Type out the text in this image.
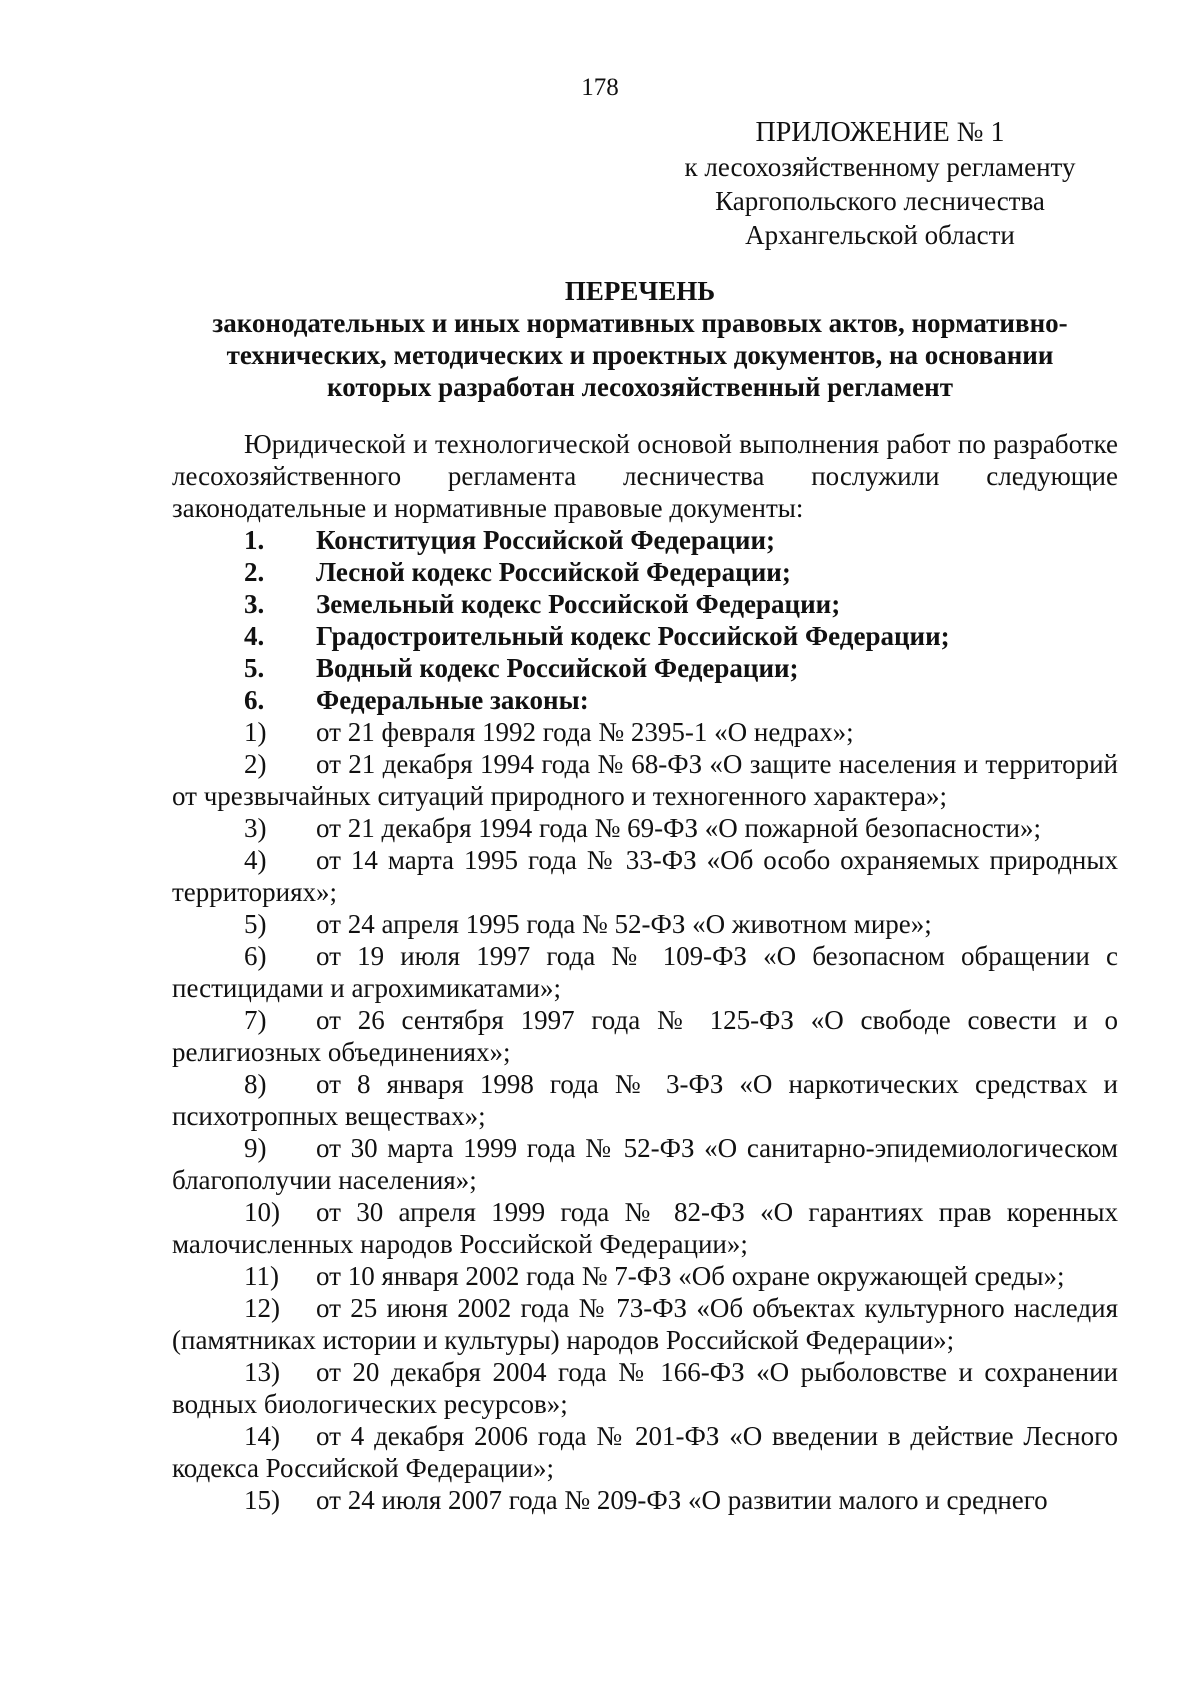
178
ПРИЛОЖЕНИЕ № 1
к лесохозяйственному регламенту
Каргопольского лесничества
Архангельской области
ПЕРЕЧЕНЬ
законодательных и иных нормативных правовых актов, нормативно-
технических, методических и проектных документов, на основании
которых разработан лесохозяйственный регламент

Юридической и технологической основой выполнения работ по разработке лесохозяйственного регламента лесничества послужили следующие законодательные и нормативные правовые документы:

1.	Конституция Российской Федерации;
2.	Лесной кодекс Российской Федерации;
3.	Земельный кодекс Российской Федерации;
4.	Градостроительный кодекс Российской Федерации;
5.	Водный кодекс Российской Федерации;
6.	Федеральные законы:

1) от 21 февраля 1992 года № 2395-1 «О недрах»;

2) от 21 декабря 1994 года № 68-ФЗ «О защите населения и территорий от чрезвычайных ситуаций природного и техногенного характера»;

3) от 21 декабря 1994 года № 69-ФЗ «О пожарной безопасности»;

4) от 14 марта 1995 года № 33-ФЗ «Об особо охраняемых природных территориях»;

5) от 24 апреля 1995 года № 52-ФЗ «О животном мире»;

6) от 19 июля 1997 года № 109-ФЗ «О безопасном обращении с пестицидами и агрохимикатами»;

7) от 26 сентября 1997 года № 125-ФЗ «О свободе совести и о религиозных объединениях»;

8) от 8 января 1998 года № 3-ФЗ «О наркотических средствах и психотропных веществах»;

9) от 30 марта 1999 года № 52-ФЗ «О санитарно-эпидемиологическом благополучии населения»;

10) от 30 апреля 1999 года № 82-ФЗ «О гарантиях прав коренных малочисленных народов Российской Федерации»;

11) от 10 января 2002 года № 7-ФЗ «Об охране окружающей среды»;

12) от 25 июня 2002 года № 73-ФЗ «Об объектах культурного наследия (памятниках истории и культуры) народов Российской Федерации»;

13) от 20 декабря 2004 года № 166-ФЗ «О рыболовстве и сохранении водных биологических ресурсов»;

14) от 4 декабря 2006 года № 201-ФЗ «О введении в действие Лесного кодекса Российской Федерации»;

15) от 24 июля 2007 года № 209-ФЗ «О развитии малого и среднего
